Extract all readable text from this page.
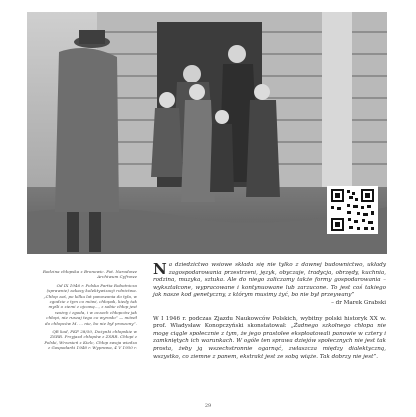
Rodzina chłopska z Bronowic. Fot. Narodowe Archiwum Cyfrowe

Od IX 1946 r. Polska Partia Robotnicza (sprawnie) zakazy kolektywizacji rolnictwa. „Chłop zaś, po kilku lat panowania do tyła, w zgodzie z tym co mówi, chłopak, kiedy tak myśli o ziemi z ojcową..., z sobie chłop jest ważny i zgoda, i w oczach chłopców jak chłopi, nie ruszaj tego co wyrosło” — mówił do chłopców M. ... nie, bo nie był proszony”.

QR kod, PKF 28/50, Dożynki chłopskie w ZSRR. Przyjazd chłopów z ZSRR. Chłopi z Polski, Wrzesień z Kielc, Chłop swoja wiedza z Gospodarki 1948 r. Wyprawa, 4 V 1950 r.

Na dziedzictwo wsiowe składa się nie tylko z dawnej budownictwo, układy zagospodarowania przestrzeni, język, obyczaje, tradycja, obrzędy, kuchnia, rodzina, muzyka, sztuka. Ale do niego zaliczamy także formy gospodarowania – wykształcone, wypracowane i kontynuowane lub zarzucone. To jest coś takiego jak nasze kod genetyczny, z którym musimy żyć, bo nie był przeywany”

– dr Marek Grabski

W I 1946 r. podczas Zjazdu Naukowców Polskich, wybitny polski historyk XX w. prof. Władysław Konopczyński skonstatował: „Żadnego szkolnego chłopa nie mogę ciągle społecznie z tym, że jego prastolee ekspłoatowali panowie w cztery i zamkniętych ich warunkach. W ogóle ten sprawa dziejów społecznych nie jest tak prosta, żeby ją wszechstronnie ogarnąć, zwłaszcza między dialektyczną, wszystko, co ziemne z panem, ekstrakt jest ze sobą wiąże. Tak dobrzy nie jest”.

29
